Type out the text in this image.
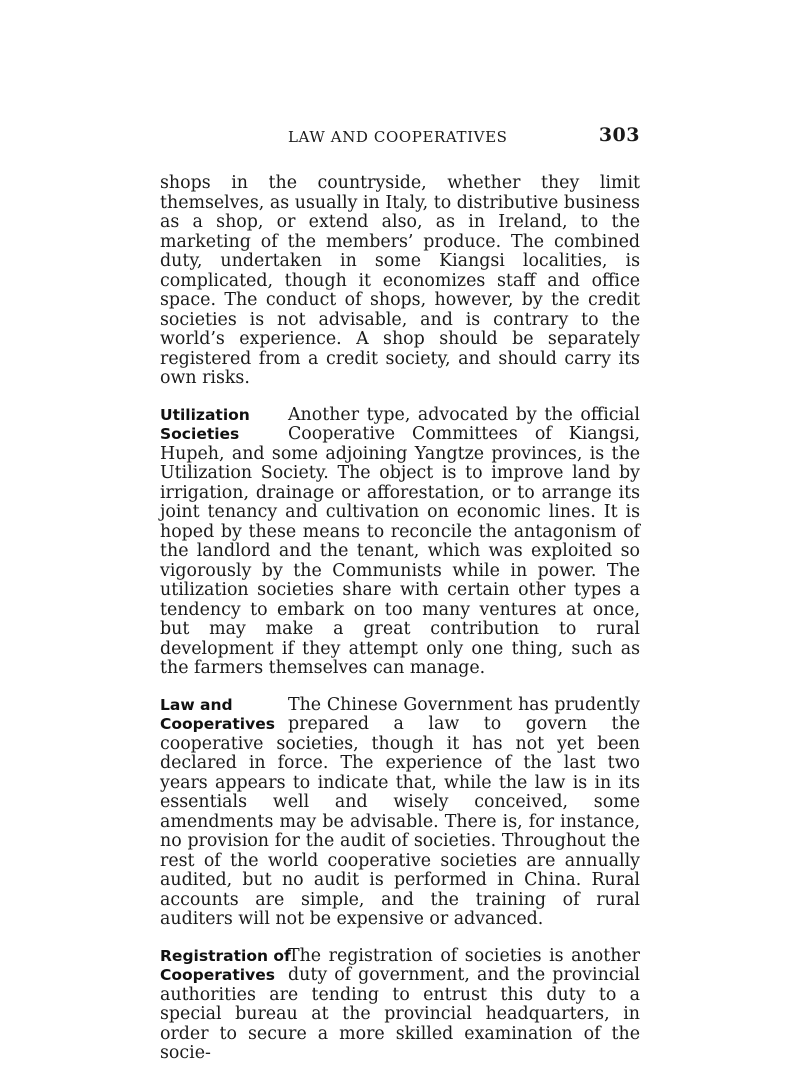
LAW AND COOPERATIVES	303

shops in the countryside, whether they limit themselves, as usually in Italy, to distributive business as a shop, or extend also, as in Ireland, to the marketing of the members’ produce. The combined duty, undertaken in some Kiangsi localities, is complicated, though it economizes staff and office space. The conduct of shops, however, by the credit societies is not advisable, and is contrary to the world’s experience. A shop should be separately registered from a credit society, and should carry its own risks.

Utilization
Societies
Another type, advocated by the official Cooperative Committees of Kiangsi, Hupeh, and some adjoining Yangtze provinces, is the Utilization Society. The object is to improve land by irrigation, drainage or afforestation, or to arrange its joint tenancy and cultivation on economic lines. It is hoped by these means to reconcile the antagonism of the landlord and the tenant, which was exploited so vigorously by the Communists while in power. The utilization societies share with certain other types a tendency to embark on too many ventures at once, but may make a great contribution to rural development if they attempt only one thing, such as the farmers themselves can manage.

Law and
Cooperatives
The Chinese Government has prudently prepared a law to govern the cooperative societies, though it has not yet been declared in force. The experience of the last two years appears to indicate that, while the law is in its essentials well and wisely conceived, some amendments may be advisable. There is, for instance, no provision for the audit of societies. Throughout the rest of the world cooperative societies are annually audited, but no audit is performed in China. Rural accounts are simple, and the training of rural auditers will not be expensive or advanced.

Registration of
Cooperatives
The registration of societies is another duty of government, and the provincial authorities are tending to entrust this duty to a special bureau at the provincial headquarters, in order to secure a more skilled examination of the socie-
